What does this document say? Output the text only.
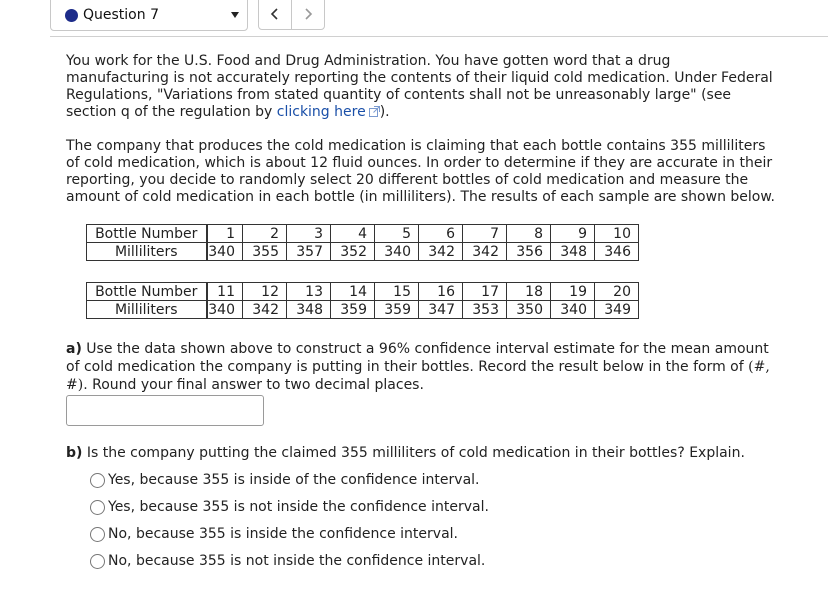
Question 7

You work for the U.S. Food and Drug Administration. You have gotten word that a drug manufacturing is not accurately reporting the contents of their liquid cold medication. Under Federal Regulations, "Variations from stated quantity of contents shall not be unreasonably large" (see section q of the regulation by clicking here ).

The company that produces the cold medication is claiming that each bottle contains 355 milliliters of cold medication, which is about 12 fluid ounces. In order to determine if they are accurate in their reporting, you decide to randomly select 20 different bottles of cold medication and measure the amount of cold medication in each bottle (in milliliters). The results of each sample are shown below.

Bottle Number	1	2	3	4	5	6	7	8	9	10
Milliliters	340	355	357	352	340	342	342	356	348	346
Bottle Number	11	12	13	14	15	16	17	18	19	20
Milliliters	340	342	348	359	359	347	353	350	340	349

a) Use the data shown above to construct a 96% confidence interval estimate for the mean amount of cold medication the company is putting in their bottles. Record the result below in the form of (#, #). Round your final answer to two decimal places.

b) Is the company putting the claimed 355 milliliters of cold medication in their bottles? Explain.

Yes, because 355 is inside of the confidence interval.
Yes, because 355 is not inside the confidence interval.
No, because 355 is inside the confidence interval.
No, because 355 is not inside the confidence interval.
